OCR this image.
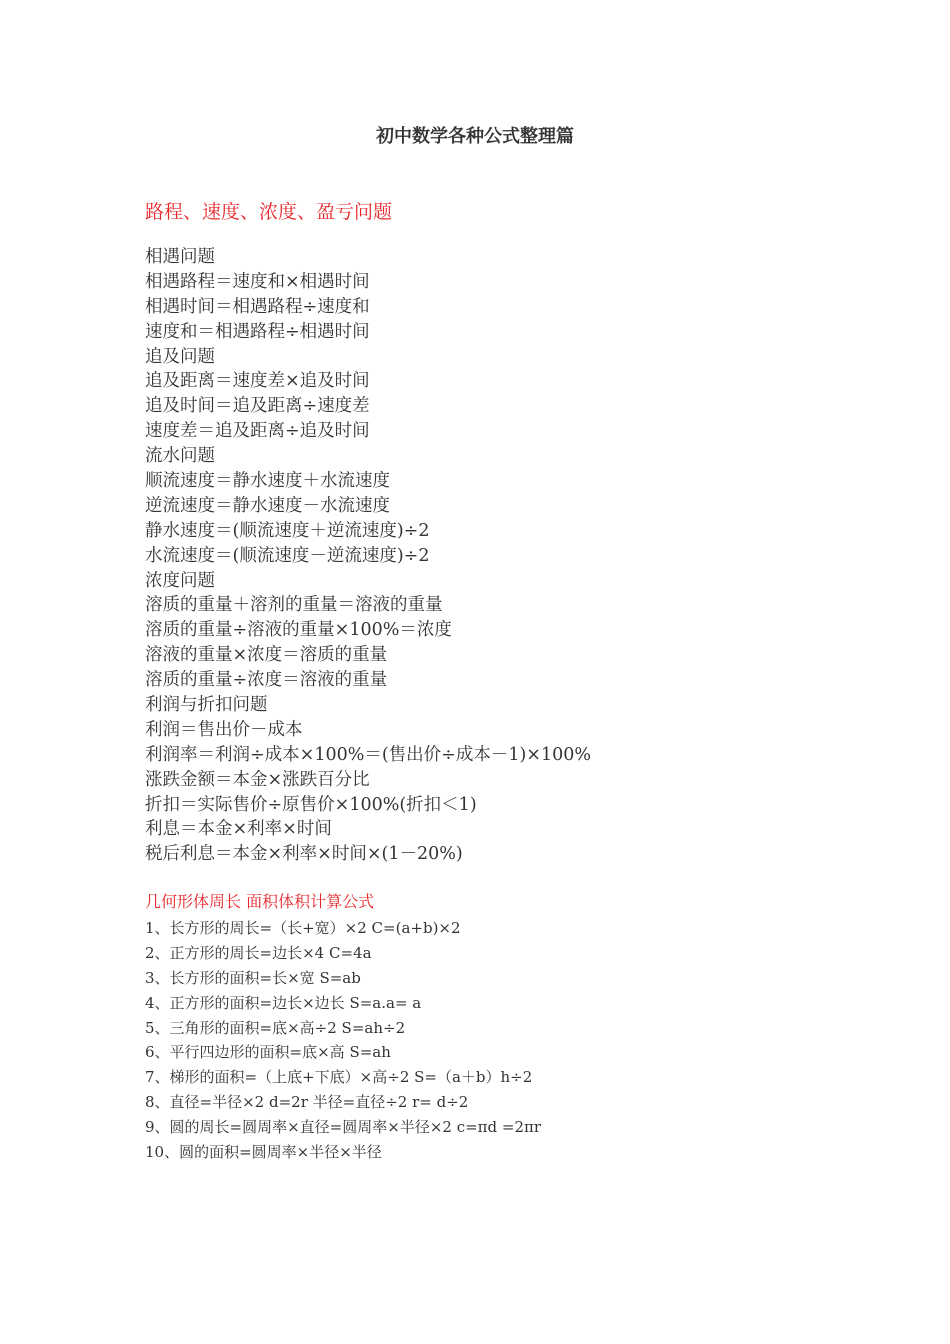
初中数学各种公式整理篇
路程、速度、浓度、盈亏问题
相遇问题
相遇路程＝速度和×相遇时间
相遇时间＝相遇路程÷速度和
速度和＝相遇路程÷相遇时间
追及问题
追及距离＝速度差×追及时间
追及时间＝追及距离÷速度差
速度差＝追及距离÷追及时间
流水问题
顺流速度＝静水速度＋水流速度
逆流速度＝静水速度－水流速度
静水速度＝(顺流速度＋逆流速度)÷2
水流速度＝(顺流速度－逆流速度)÷2
浓度问题
溶质的重量＋溶剂的重量＝溶液的重量
溶质的重量÷溶液的重量×100%＝浓度
溶液的重量×浓度＝溶质的重量
溶质的重量÷浓度＝溶液的重量
利润与折扣问题
利润＝售出价－成本
利润率＝利润÷成本×100%＝(售出价÷成本－1)×100%
涨跌金额＝本金×涨跌百分比
折扣＝实际售价÷原售价×100%(折扣＜1)
利息＝本金×利率×时间
税后利息＝本金×利率×时间×(1－20%)
几何形体周长 面积体积计算公式
1、长方形的周长=（长+宽）×2 C=(a+b)×2
2、正方形的周长=边长×4 C=4a
3、长方形的面积=长×宽 S=ab
4、正方形的面积=边长×边长 S=a.a= a
5、三角形的面积=底×高÷2 S=ah÷2
6、平行四边形的面积=底×高 S=ah
7、梯形的面积=（上底+下底）×高÷2 S=（a＋b）h÷2
8、直径=半径×2 d=2r 半径=直径÷2 r= d÷2
9、圆的周长=圆周率×直径=圆周率×半径×2 c=πd =2πr
10、圆的面积=圆周率×半径×半径
